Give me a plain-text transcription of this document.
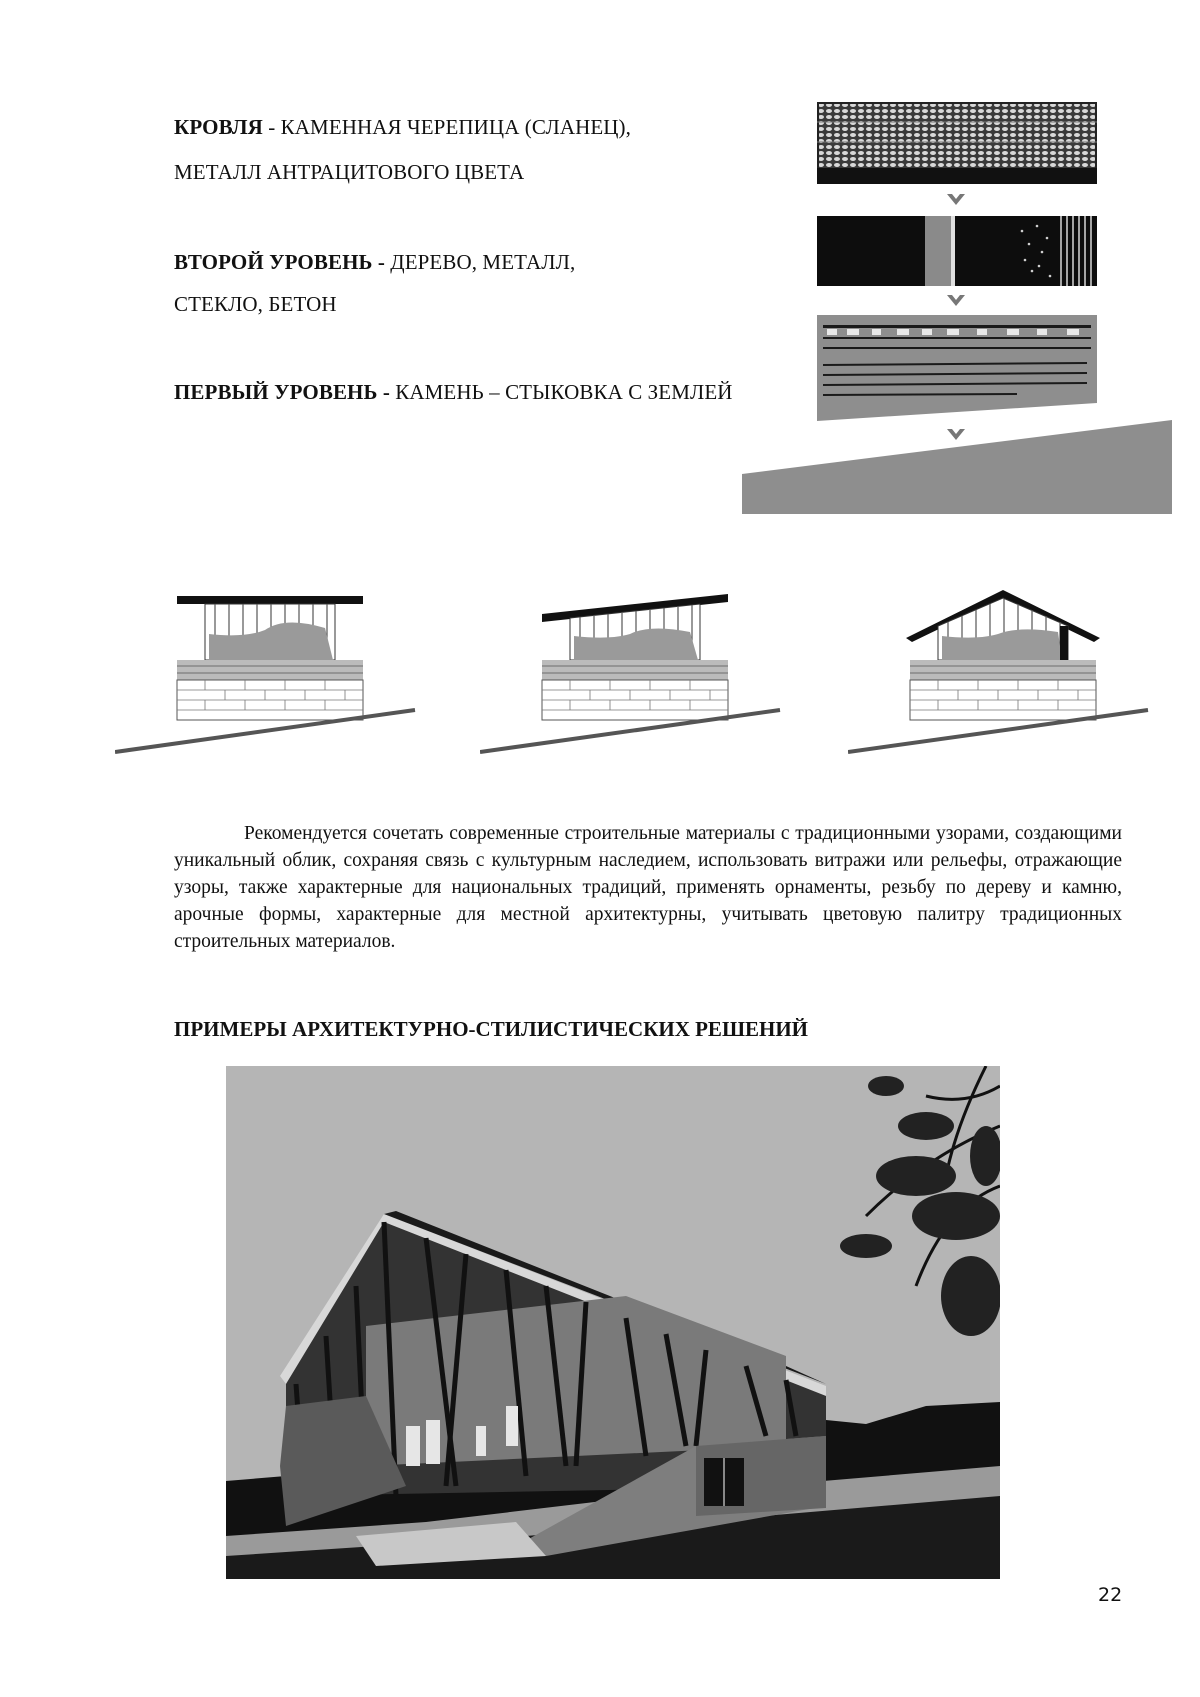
КРОВЛЯ - КАМЕННАЯ ЧЕРЕПИЦА (СЛАНЕЦ),
МЕТАЛЛ АНТРАЦИТОВОГО ЦВЕТА
ВТОРОЙ УРОВЕНЬ - ДЕРЕВО, МЕТАЛЛ,
СТЕКЛО, БЕТОН
ПЕРВЫЙ УРОВЕНЬ - КАМЕНЬ – СТЫКОВКА С ЗЕМЛЕЙ

Рекомендуется сочетать современные строительные материалы с традиционными узорами, создающими уникальный облик, сохраняя связь с культурным наследием, использовать витражи или рельефы, отражающие узоры, также характерные для национальных традиций, применять орнаменты, резьбу по дереву и камню, арочные формы, характерные для местной архитектурны, учитывать цветовую палитру традиционных строительных материалов.

ПРИМЕРЫ АРХИТЕКТУРНО-СТИЛИСТИЧЕСКИХ РЕШЕНИЙ
22
